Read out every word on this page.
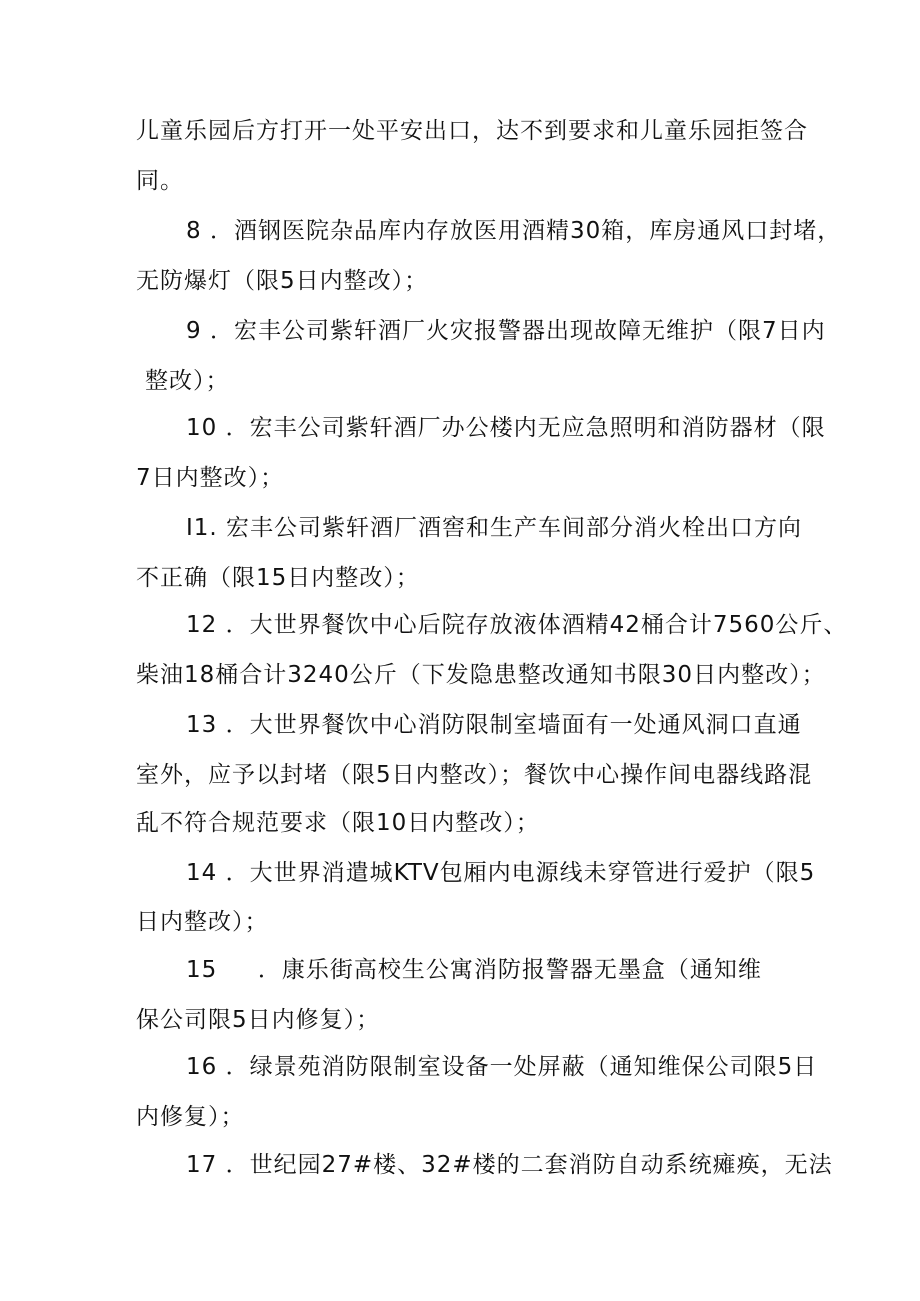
儿童乐园后方打开一处平安出口，达不到要求和儿童乐园拒签合
同。
8 ．酒钢医院杂品库内存放医用酒精30箱，库房通风口封堵，
无防爆灯（限5日内整改）；
9 ．宏丰公司紫轩酒厂火灾报警器出现故障无维护（限7日内
整改）；
10 ．宏丰公司紫轩酒厂办公楼内无应急照明和消防器材（限
7日内整改）；
I1. 宏丰公司紫轩酒厂酒窖和生产车间部分消火栓出口方向
不正确（限15日内整改）；
12 ．大世界餐饮中心后院存放液体酒精42桶合计7560公斤、
柴油18桶合计3240公斤（下发隐患整改通知书限30日内整改）；
13 ．大世界餐饮中心消防限制室墙面有一处通风洞口直通
室外，应予以封堵（限5日内整改）；餐饮中心操作间电器线路混
乱不符合规范要求（限10日内整改）；
14 ．大世界消遣城KTV包厢内电源线未穿管进行爱护（限5
日内整改）；
15 　 ．康乐街高校生公寓消防报警器无墨盒（通知维
保公司限5日内修复）；
16 ．绿景苑消防限制室设备一处屏蔽（通知维保公司限5日
内修复）；
17 ．世纪园27#楼、32#楼的二套消防自动系统瘫痪，无法
